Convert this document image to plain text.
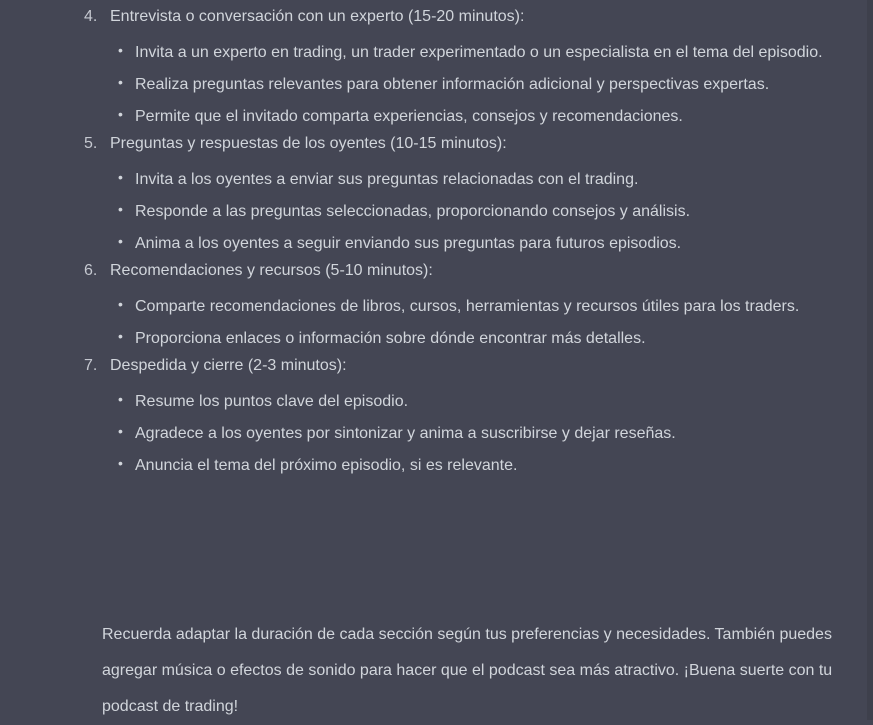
4. Entrevista o conversación con un experto (15-20 minutos):
• Invita a un experto en trading, un trader experimentado o un especialista en el tema del episodio.
• Realiza preguntas relevantes para obtener información adicional y perspectivas expertas.
• Permite que el invitado comparta experiencias, consejos y recomendaciones.
5. Preguntas y respuestas de los oyentes (10-15 minutos):
• Invita a los oyentes a enviar sus preguntas relacionadas con el trading.
• Responde a las preguntas seleccionadas, proporcionando consejos y análisis.
• Anima a los oyentes a seguir enviando sus preguntas para futuros episodios.
6. Recomendaciones y recursos (5-10 minutos):
• Comparte recomendaciones de libros, cursos, herramientas y recursos útiles para los traders.
• Proporciona enlaces o información sobre dónde encontrar más detalles.
7. Despedida y cierre (2-3 minutos):
• Resume los puntos clave del episodio.
• Agradece a los oyentes por sintonizar y anima a suscribirse y dejar reseñas.
• Anuncia el tema del próximo episodio, si es relevante.

Recuerda adaptar la duración de cada sección según tus preferencias y necesidades. También puedes agregar música o efectos de sonido para hacer que el podcast sea más atractivo. ¡Buena suerte con tu podcast de trading!
